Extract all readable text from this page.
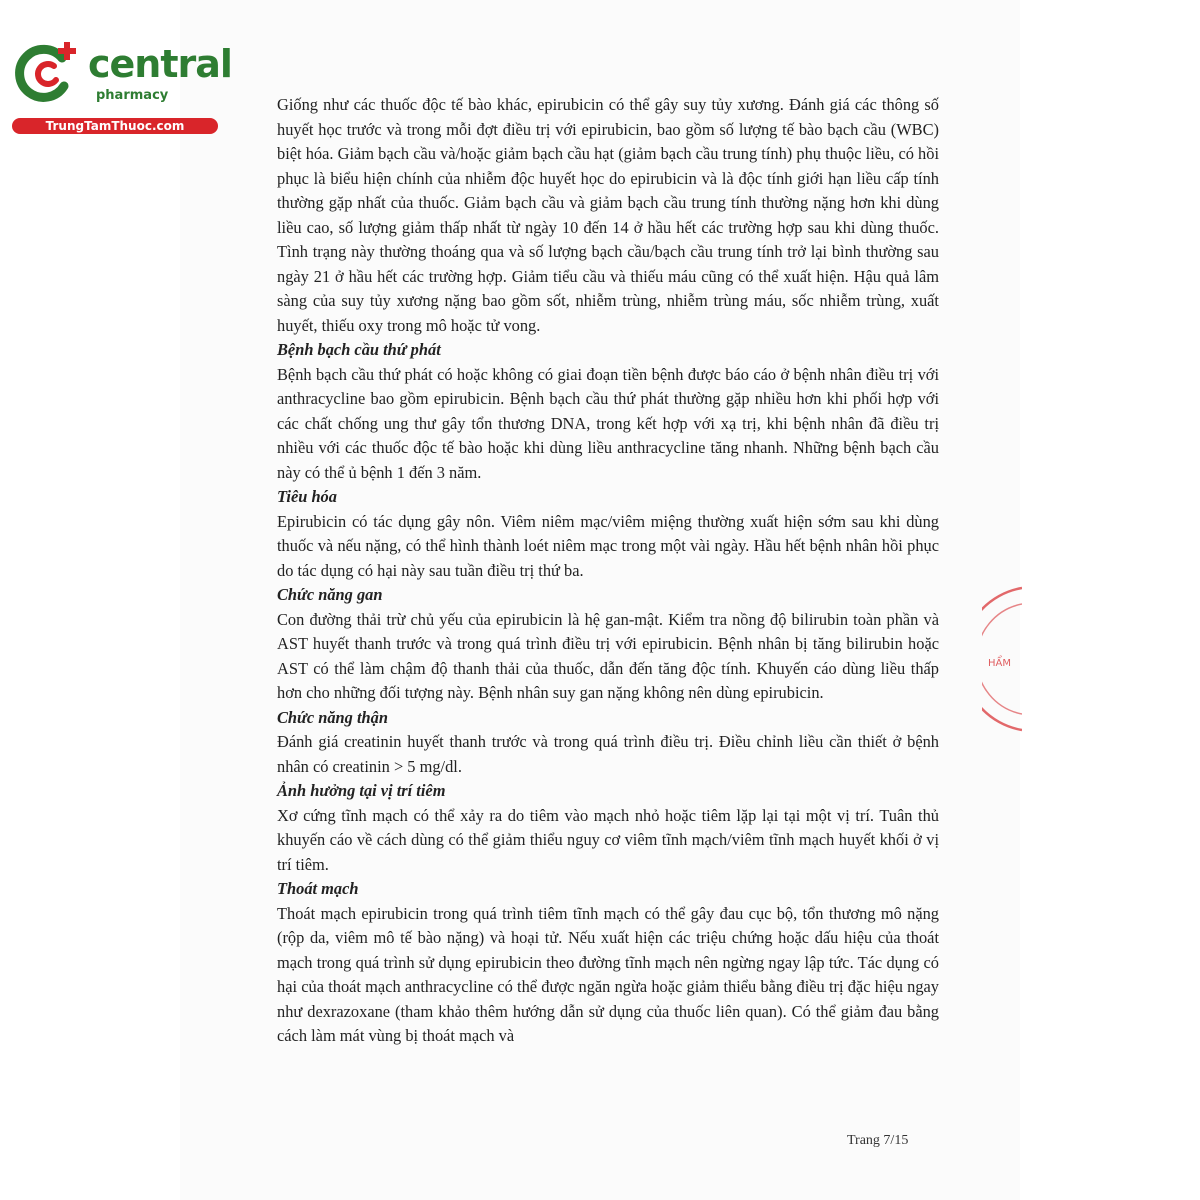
central
pharmacy
TrungTamThuoc.com

Giống như các thuốc độc tế bào khác, epirubicin có thể gây suy tủy xương. Đánh giá các thông số huyết học trước và trong mỗi đợt điều trị với epirubicin, bao gồm số lượng tế bào bạch cầu (WBC) biệt hóa. Giảm bạch cầu và/hoặc giảm bạch cầu hạt (giảm bạch cầu trung tính) phụ thuộc liều, có hồi phục là biểu hiện chính của nhiễm độc huyết học do epirubicin và là độc tính giới hạn liều cấp tính thường gặp nhất của thuốc. Giảm bạch cầu và giảm bạch cầu trung tính thường nặng hơn khi dùng liều cao, số lượng giảm thấp nhất từ ngày 10 đến 14 ở hầu hết các trường hợp sau khi dùng thuốc. Tình trạng này thường thoáng qua và số lượng bạch cầu/bạch cầu trung tính trở lại bình thường sau ngày 21 ở hầu hết các trường hợp. Giảm tiểu cầu và thiếu máu cũng có thể xuất hiện. Hậu quả lâm sàng của suy tủy xương nặng bao gồm sốt, nhiễm trùng, nhiễm trùng máu, sốc nhiễm trùng, xuất huyết, thiếu oxy trong mô hoặc tử vong.

Bệnh bạch cầu thứ phát

Bệnh bạch cầu thứ phát có hoặc không có giai đoạn tiền bệnh được báo cáo ở bệnh nhân điều trị với anthracycline bao gồm epirubicin. Bệnh bạch cầu thứ phát thường gặp nhiều hơn khi phối hợp với các chất chống ung thư gây tổn thương DNA, trong kết hợp với xạ trị, khi bệnh nhân đã điều trị nhiều với các thuốc độc tế bào hoặc khi dùng liều anthracycline tăng nhanh. Những bệnh bạch cầu này có thể ủ bệnh 1 đến 3 năm.

Tiêu hóa

Epirubicin có tác dụng gây nôn. Viêm niêm mạc/viêm miệng thường xuất hiện sớm sau khi dùng thuốc và nếu nặng, có thể hình thành loét niêm mạc trong một vài ngày. Hầu hết bệnh nhân hồi phục do tác dụng có hại này sau tuần điều trị thứ ba.

Chức năng gan

Con đường thải trừ chủ yếu của epirubicin là hệ gan-mật. Kiểm tra nồng độ bilirubin toàn phần và AST huyết thanh trước và trong quá trình điều trị với epirubicin. Bệnh nhân bị tăng bilirubin hoặc AST có thể làm chậm độ thanh thải của thuốc, dẫn đến tăng độc tính. Khuyến cáo dùng liều thấp hơn cho những đối tượng này. Bệnh nhân suy gan nặng không nên dùng epirubicin.

Chức năng thận

Đánh giá creatinin huyết thanh trước và trong quá trình điều trị. Điều chỉnh liều cần thiết ở bệnh nhân có creatinin > 5 mg/dl.

Ảnh hưởng tại vị trí tiêm

Xơ cứng tĩnh mạch có thể xảy ra do tiêm vào mạch nhỏ hoặc tiêm lặp lại tại một vị trí. Tuân thủ khuyến cáo về cách dùng có thể giảm thiểu nguy cơ viêm tĩnh mạch/viêm tĩnh mạch huyết khối ở vị trí tiêm.

Thoát mạch

Thoát mạch epirubicin trong quá trình tiêm tĩnh mạch có thể gây đau cục bộ, tổn thương mô nặng (rộp da, viêm mô tế bào nặng) và hoại tử. Nếu xuất hiện các triệu chứng hoặc dấu hiệu của thoát mạch trong quá trình sử dụng epirubicin theo đường tĩnh mạch nên ngừng ngay lập tức. Tác dụng có hại của thoát mạch anthracycline có thể được ngăn ngừa hoặc giảm thiểu bằng điều trị đặc hiệu ngay như dexrazoxane (tham khảo thêm hướng dẫn sử dụng của thuốc liên quan). Có thể giảm đau bằng cách làm mát vùng bị thoát mạch và

Trang 7/15
HẨM
